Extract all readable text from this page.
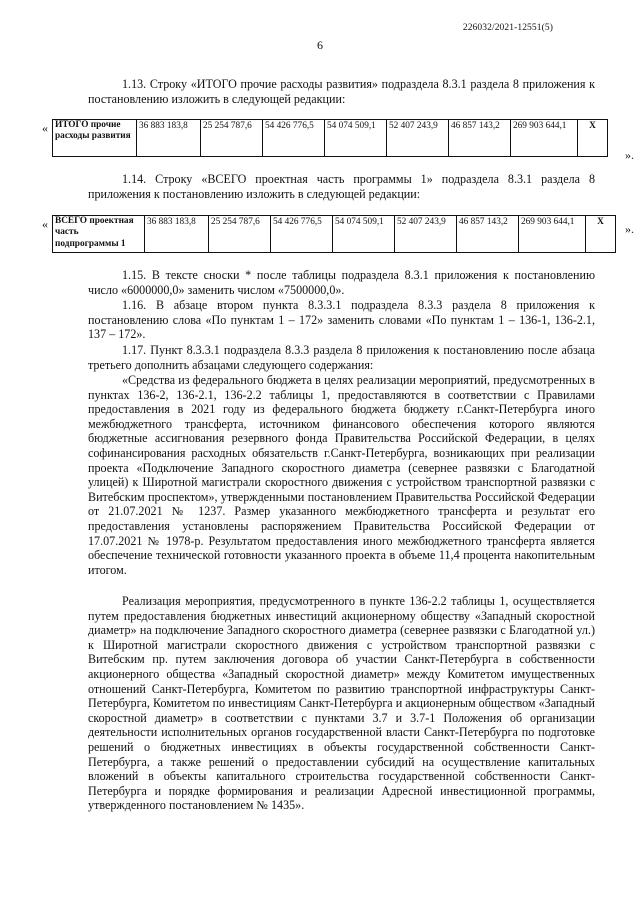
226032/2021-12551(5)
6

1.13. Строку «ИТОГО прочие расходы развития» подраздела 8.3.1 раздела 8 приложения к постановлению изложить в следующей редакции:

« ИТОГО прочие расходы развития	36 883 183,8	25 254 787,6	54 426 776,5	54 074 509,1	52 407 243,9	46 857 143,2	269 903 644,1	X
».

1.14. Строку «ВСЕГО проектная часть программы 1» подраздела 8.3.1 раздела 8 приложения к постановлению изложить в следующей редакции:

« ВСЕГО проектная часть подпрограммы 1	36 883 183,8	25 254 787,6	54 426 776,5	54 074 509,1	52 407 243,9	46 857 143,2	269 903 644,1	X ».

1.15. В тексте сноски * после таблицы подраздела 8.3.1 приложения к постановлению число «6000000,0» заменить числом «7500000,0».

1.16. В абзаце втором пункта 8.3.3.1 подраздела 8.3.3 раздела 8 приложения к постановлению слова «По пунктам 1 – 172» заменить словами «По пунктам 1 – 136-1, 136-2.1, 137 – 172».

1.17. Пункт 8.3.3.1 подраздела 8.3.3 раздела 8 приложения к постановлению после абзаца третьего дополнить абзацами следующего содержания:

«Средства из федерального бюджета в целях реализации мероприятий, предусмотренных в пунктах 136-2, 136-2.1, 136-2.2 таблицы 1, предоставляются в соответствии с Правилами предоставления в 2021 году из федерального бюджета бюджету г.Санкт-Петербурга иного межбюджетного трансферта, источником финансового обеспечения которого являются бюджетные ассигнования резервного фонда Правительства Российской Федерации, в целях софинансирования расходных обязательств г.Санкт-Петербурга, возникающих при реализации проекта «Подключение Западного скоростного диаметра (севернее развязки с Благодатной улицей) к Широтной магистрали скоростного движения с устройством транспортной развязки с Витебским проспектом», утвержденными постановлением Правительства Российской Федерации от 21.07.2021 № 1237. Размер указанного межбюджетного трансферта и результат его предоставления установлены распоряжением Правительства Российской Федерации от 17.07.2021 № 1978-р. Результатом предоставления иного межбюджетного трансферта является обеспечение технической готовности указанного проекта в объеме 11,4 процента накопительным итогом.

Реализация мероприятия, предусмотренного в пункте 136-2.2 таблицы 1, осуществляется путем предоставления бюджетных инвестиций акционерному обществу «Западный скоростной диаметр» на подключение Западного скоростного диаметра (севернее развязки с Благодатной ул.) к Широтной магистрали скоростного движения с устройством транспортной развязки с Витебским пр. путем заключения договора об участии Санкт-Петербурга в собственности акционерного общества «Западный скоростной диаметр» между Комитетом имущественных отношений Санкт-Петербурга, Комитетом по развитию транспортной инфраструктуры Санкт-Петербурга, Комитетом по инвестициям Санкт-Петербурга и акционерным обществом «Западный скоростной диаметр» в соответствии с пунктами 3.7 и 3.7-1 Положения об организации деятельности исполнительных органов государственной власти Санкт-Петербурга по подготовке решений о бюджетных инвестициях в объекты государственной собственности Санкт-Петербурга, а также решений о предоставлении субсидий на осуществление капитальных вложений в объекты капитального строительства государственной собственности Санкт-Петербурга и порядке формирования и реализации Адресной инвестиционной программы, утвержденного постановлением № 1435».
